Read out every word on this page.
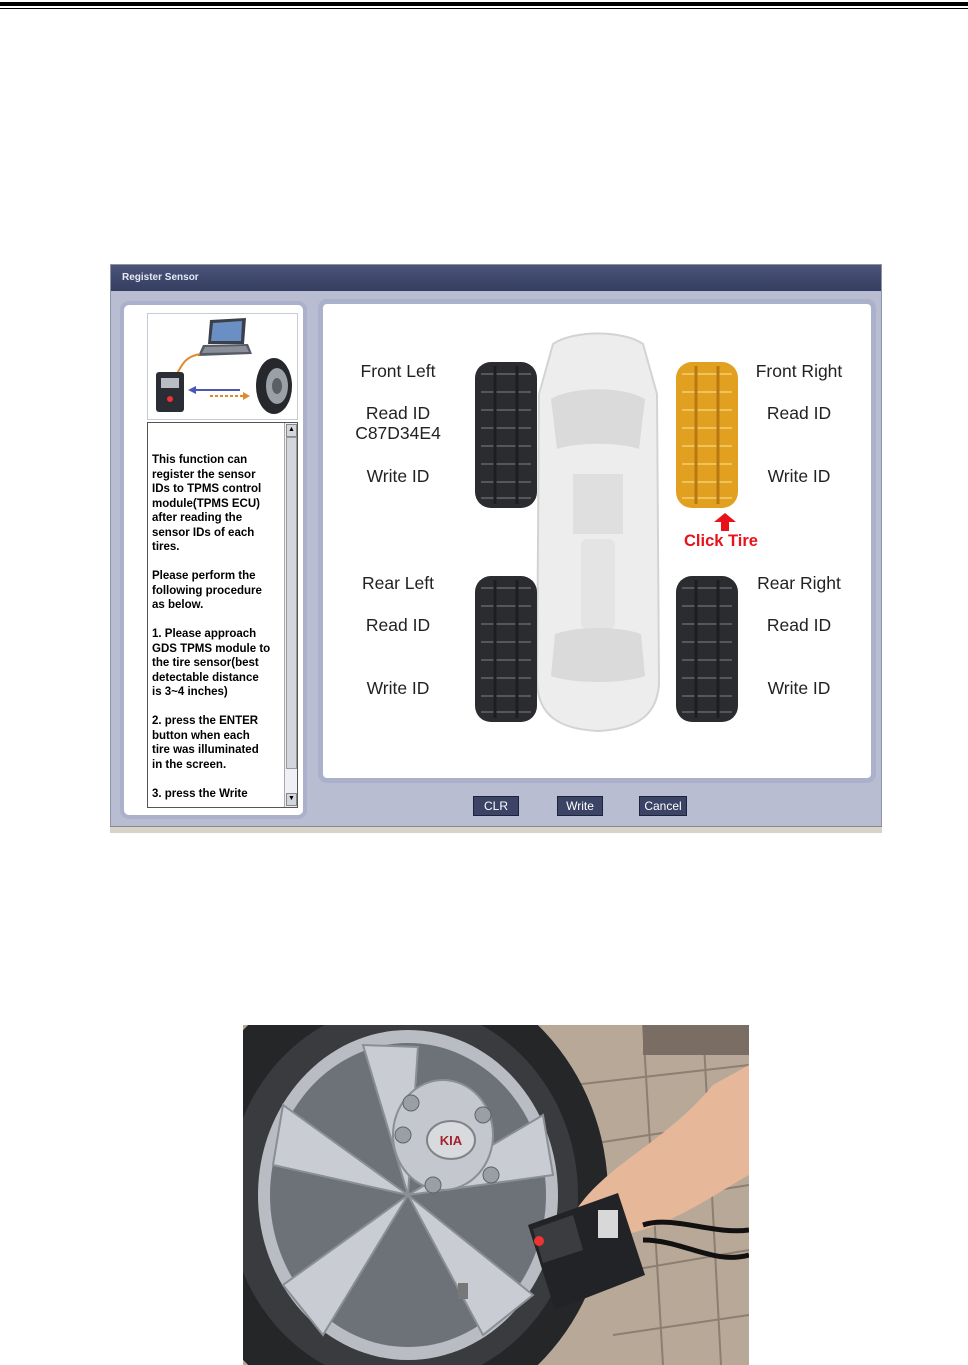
Register Sensor
This function can
register the sensor
IDs to TPMS control
module(TPMS ECU)
after reading the
sensor IDs of each
tires.

Please perform the
following procedure
as below.

1. Please approach
GDS TPMS module to
the tire sensor(best
detectable distance
is 3~4 inches)

2. press the ENTER
button when each
tire was illuminated
in the screen.

3. press the Write
▲
▼
Click Tire
Front Left
Read ID
C87D34E4
Write ID
Front Right
Read ID
Write ID
Rear Left
Read ID
Write ID
Rear Right
Read ID
Write ID
CLR	Write	Cancel
KIA
